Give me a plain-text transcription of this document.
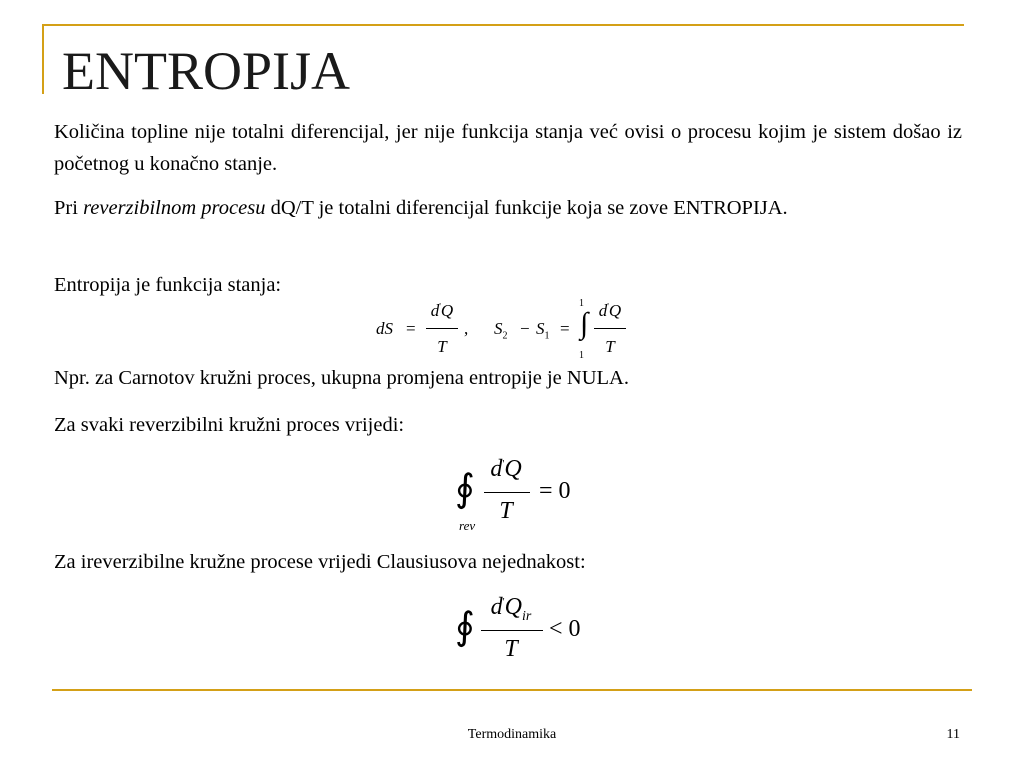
ENTROPIJA
Količina topline nije totalni diferencijal, jer nije funkcija stanja već ovisi o procesu kojim je sistem došao iz početnog u konačno stanje.
Pri reverzibilnom procesu dQ/T je totalni diferencijal funkcije koja se zove ENTROPIJA.
Entropija je funkcija stanja:
dS =
d'Q
T
, $S_2 - S_1$ = ∫
1
1
d'Q
T
Npr. za Carnotov kružni proces, ukupna promjena entropije je NULA.
Za svaki reverzibilni kružni proces vrijedi:
∮
rev
d'Q
T
= 0
Za ireverzibilne kružne procese vrijedi Clausiusova nejednakost:
∮ $d'Q_{ir}$
T
< 0
Termodinamika	11
